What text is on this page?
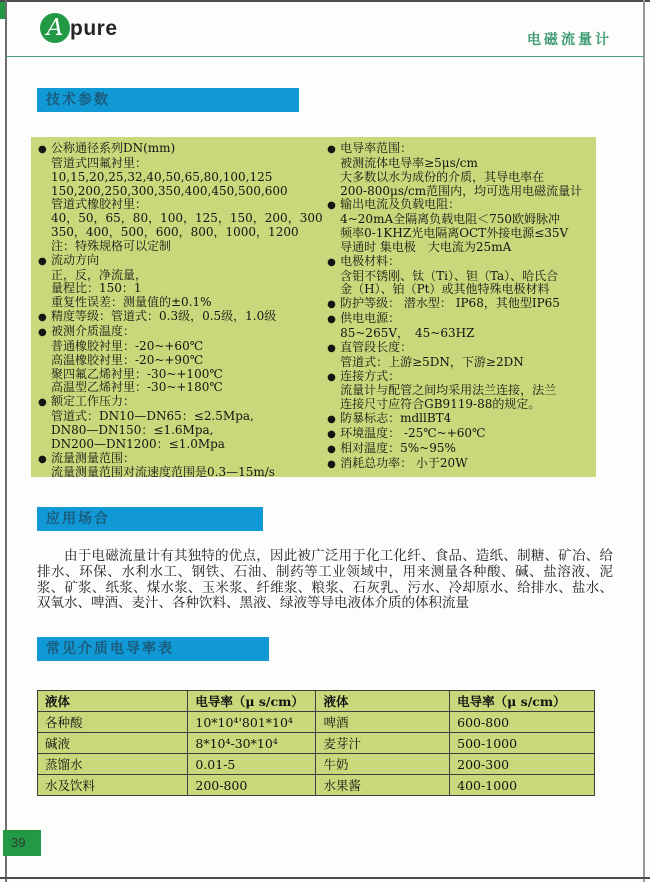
A pure	电磁流量计
技术参数
● 公称通径系列DN(mm)
管道式四氟衬里：
10,15,20,25,32,40,50,65,80,100,125
150,200,250,300,350,400,450,500,600
管道式橡胶衬里：
40，50，65，80，100，125，150，200，300
350，400，500，600，800，1000，1200
注：特殊规格可以定制
● 流动方向
正，反，净流量，
量程比：150：1
重复性误差：测量值的±0.1%
● 精度等级：管道式：0.3级，0.5级，1.0级
● 被测介质温度：
普通橡胶衬里：-20~+60℃
高温橡胶衬里：-20~+90℃
聚四氟乙烯衬里：-30~+100℃
高温型乙烯衬里：-30~+180℃
● 额定工作压力：
管道式：DN10—DN65：≤2.5Mpa,
DN80—DN150：≤1.6Mpa,
DN200—DN1200：≤1.0Mpa
● 流量测量范围：
流量测量范围对流速度范围是0.3—15m/s
● 电导率范围：
被测流体电导率≥5μs/cm
大多数以水为成份的介质，其导电率在
200-800μs/cm范围内，均可选用电磁流量计
● 输出电流及负载电阻：
4~20mA全隔离负载电阻＜750欧姆脉冲
频率0-1KHZ光电隔离OCT外接电源≤35V
导通时 集电极　大电流为25mA
● 电极材料：
含钼不锈刚、钛（Ti）、钽（Ta）、哈氏合
金（H）、铂（Pt）或其他特殊电极材料
● 防护等级： 潜水型： IP68，其他型IP65
● 供电电源：
85~265V，　45~63HZ
● 直管段长度：
管道式：上游≥5DN，下游≥2DN
● 连接方式：
流量计与配管之间均采用法兰连接，法兰
连接尺寸应符合GB9119-88的规定。
● 防暴标志：mdllBT4
● 环境温度： -25℃~+60℃
● 相对温度：5%~95%
● 消耗总功率： 小于20W
应用场合
由于电磁流量计有其独特的优点，因此被广泛用于化工化纤、食品、造纸、制糖、矿冶、给排水、环保、水利水工、钢铁、石油、制药等工业领域中，用来测量各种酸、碱、盐溶液、泥浆、矿浆、纸浆、煤水浆、玉米浆、纤维浆、粮浆、石灰乳、污水、冷却原水、给排水、盐水、双氧水、啤酒、麦汁、各种饮料、黑液、绿液等导电液体介质的体积流量
常见介质电导率表
液体	电导率（μ s/cm）	液体	电导率（μ s/cm）
各种酸	10*10⁴'801*10⁴	啤酒	600-800
碱液	8*10⁴-30*10⁴	麦芽汁	500-1000
蒸馏水	0.01-5	牛奶	200-300
水及饮料	200-800	水果酱	400-1000
39
